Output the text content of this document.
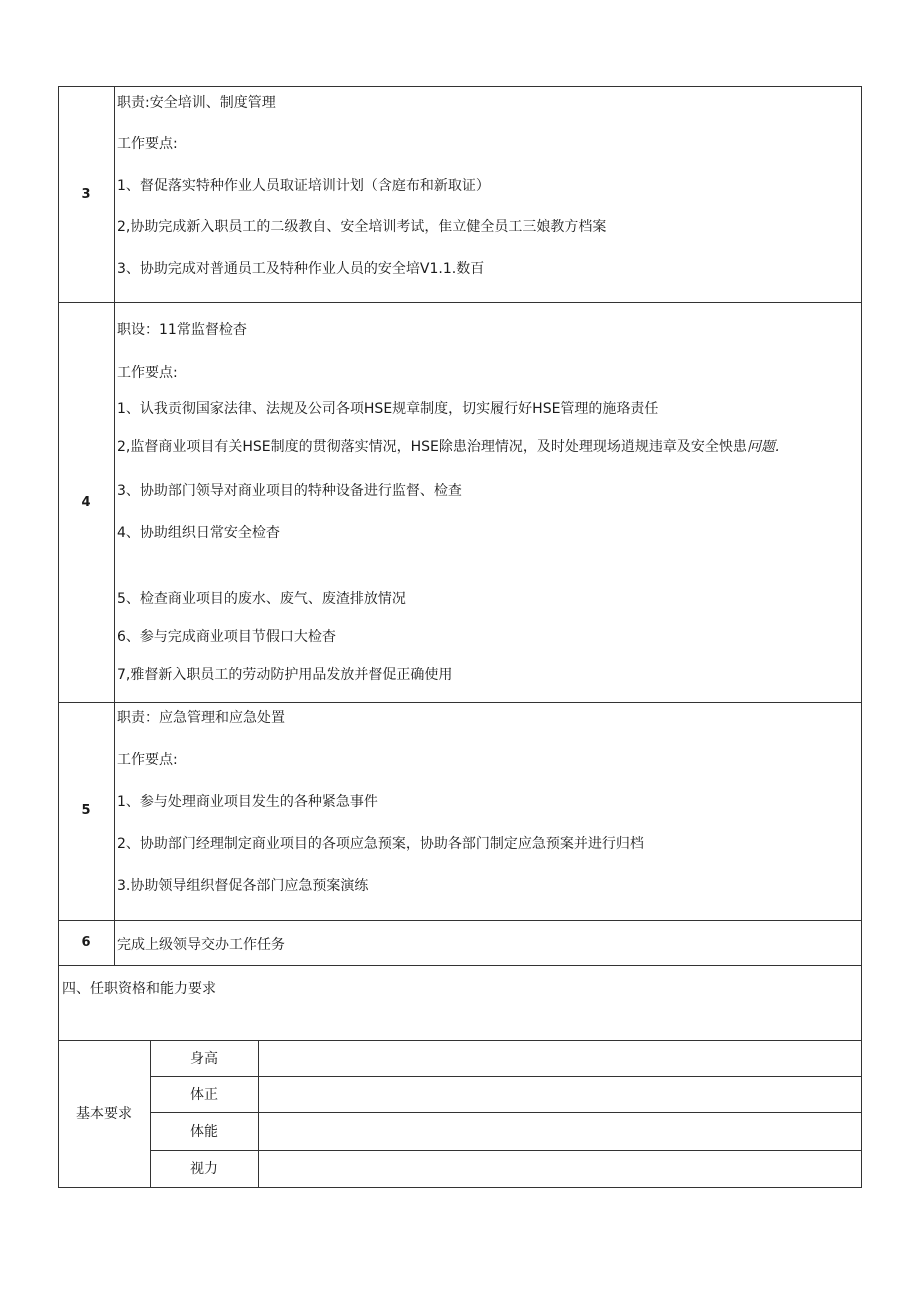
3
职责:安全培训、制度管理
工作要点:
1、督促落实特种作业人员取证培训计划（含庭布和新取证）
2,协助完成新入职员工的二级教自、安全培训考试，隹立健全员工三娘教方档案
3、协助完成对普通员工及特种作业人员的安全培V1.1.数百
4
职设：11常监督检杳
工作要点:
1、认我贡彻国家法律、法规及公司各项HSE规章制度，切实履行好HSE管理的施珞责任
2,监督商业项目有关HSE制度的贯彻落实情况，HSE除患治理情况，及时处理现场逍规违章及安全怏患冋题.
3、协助部门领导对商业项目的特种设备进行监督、检查
4、协助组织日常安全检杳
5、检查商业项目的废水、废气、废渣排放情况
6、参与完成商业项目节假口大检杳
7,雅督新入职员工的劳动防护用品发放并督促正确使用
5
职责：应急管理和应急处置
工作要点:
1、参与处理商业项目发生的各种紧急事件
2、协助部门经理制定商业项目的各项应急预案，协助各部门制定应急预案并进行归档
3.协助领导组织督促各部门应急预案演练
6	完成上级领导交办工作任务
四、任职资格和能力要求
基本要求
身高
体正
体能
视力
